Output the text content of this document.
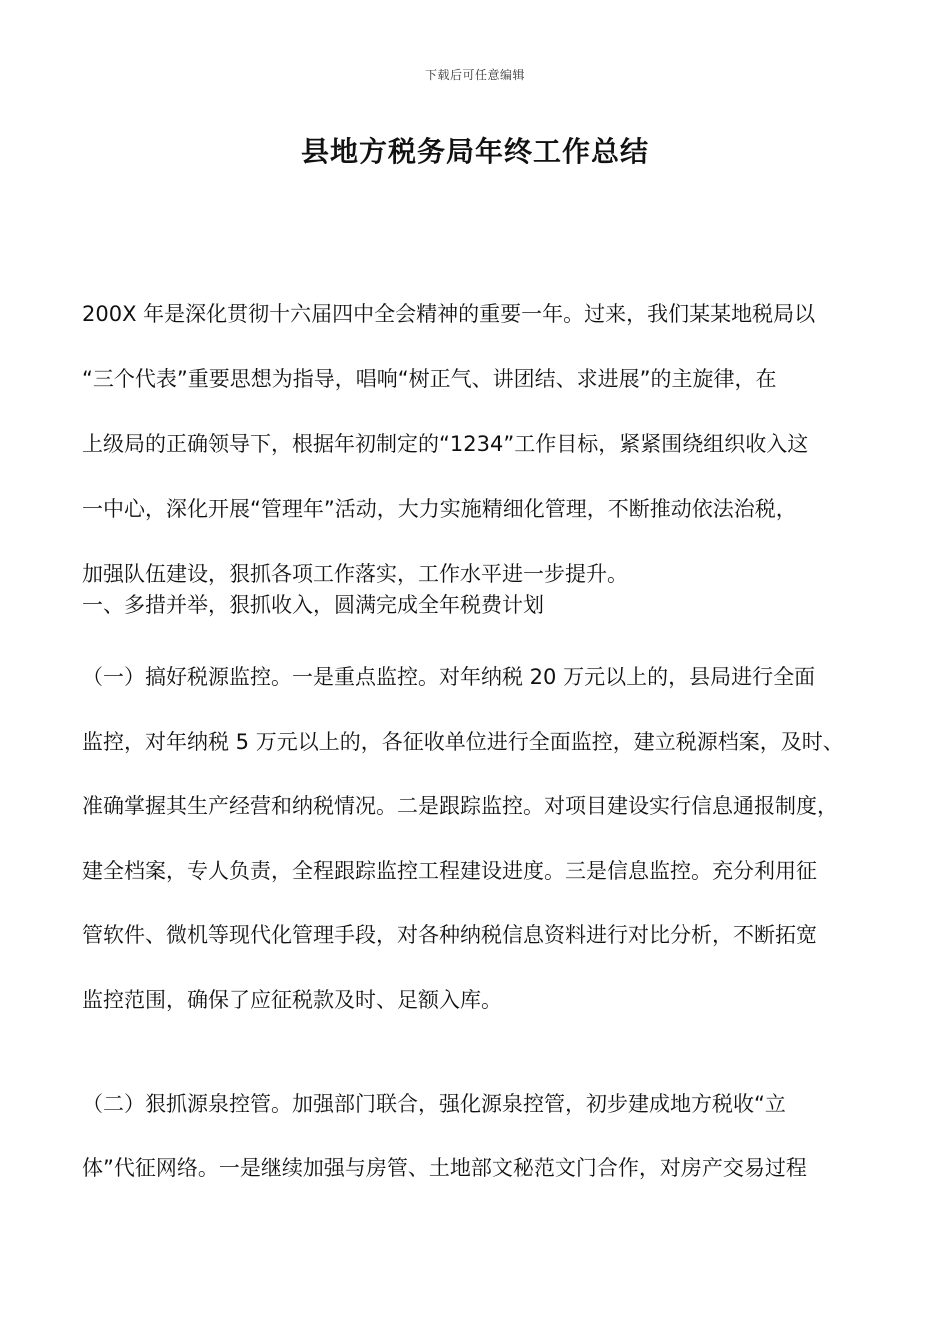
下载后可任意编辑
县地方税务局年终工作总结
200X 年是深化贯彻十六届四中全会精神的重要一年。过来，我们某某地税局以
“三个代表”重要思想为指导，唱响“树正气、讲团结、求进展”的主旋律，在
上级局的正确领导下，根据年初制定的“1234”工作目标，紧紧围绕组织收入这
一中心，深化开展“管理年”活动，大力实施精细化管理，不断推动依法治税，
加强队伍建设，狠抓各项工作落实，工作水平进一步提升。
一、多措并举，狠抓收入，圆满完成全年税费计划
（一）搞好税源监控。一是重点监控。对年纳税 20 万元以上的，县局进行全面
监控，对年纳税 5 万元以上的，各征收单位进行全面监控，建立税源档案，及时、
准确掌握其生产经营和纳税情况。二是跟踪监控。对项目建设实行信息通报制度，
建全档案，专人负责，全程跟踪监控工程建设进度。三是信息监控。充分利用征
管软件、微机等现代化管理手段，对各种纳税信息资料进行对比分析，不断拓宽
监控范围，确保了应征税款及时、足额入库。
（二）狠抓源泉控管。加强部门联合，强化源泉控管，初步建成地方税收“立
体”代征网络。一是继续加强与房管、土地部文秘范文门合作，对房产交易过程
